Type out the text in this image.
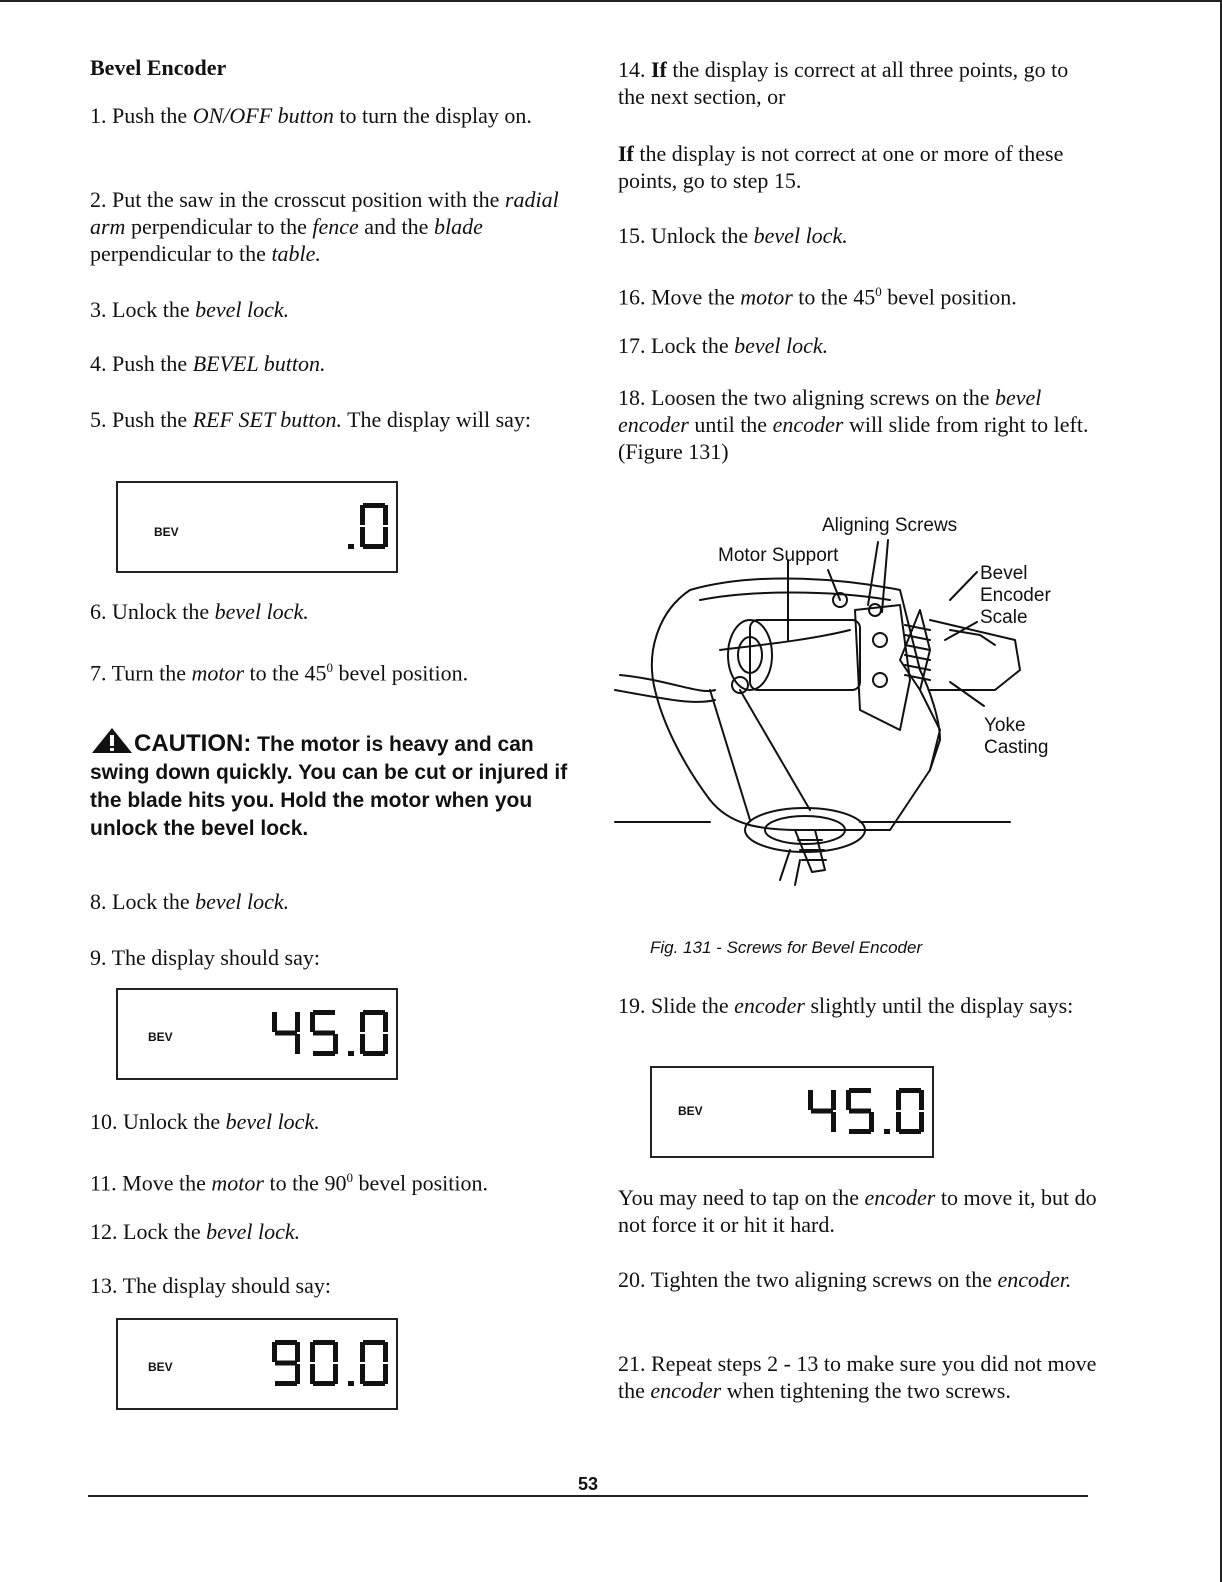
Bevel Encoder

1. Push the ON/OFF button to turn the display on.

2. Put the saw in the crosscut position with the radial arm perpendicular to the fence and the blade perpendicular to the table.

3. Lock the bevel lock.

4. Push the BEVEL button.

5. Push the REF SET button. The display will say:

6. Unlock the bevel lock.

7. Turn the motor to the $45^0$ bevel position.

CAUTION: The motor is heavy and can swing down quickly. You can be cut or injured if the blade hits you. Hold the motor when you unlock the bevel lock.

8. Lock the bevel lock.

9. The display should say:

10. Unlock the bevel lock.

11. Move the motor to the $90^0$ bevel position.

12. Lock the bevel lock.

13. The display should say:

BEV
BEV
BEV
BEV

14. If the display is correct at all three points, go to the next section, or

If the display is not correct at one or more of these points, go to step 15.

15. Unlock the bevel lock.

16. Move the motor to the $45^0$ bevel position.

17. Lock the bevel lock.

18. Loosen the two aligning screws on the bevel encoder until the encoder will slide from right to left. (Figure 131)

19. Slide the encoder slightly until the display says:

You may need to tap on the encoder to move it, but do not force it or hit it hard.

20. Tighten the two aligning screws on the encoder.

21. Repeat steps 2 - 13 to make sure you did not move the encoder when tightening the two screws.

Aligning Screws
Motor Support
Bevel
Encoder
Scale
Yoke
Casting
Fig. 131 - Screws for Bevel Encoder
53
